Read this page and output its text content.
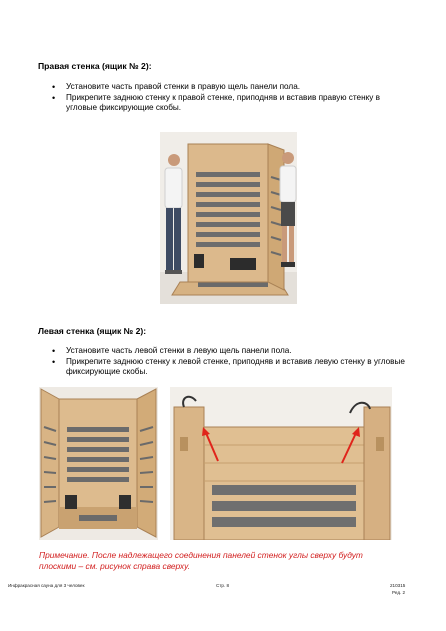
Правая стенка (ящик № 2):
• Установите часть правой стенки в правую щель панели пола.
• Прикрепите заднюю стенку к правой стенке, приподняв и вставив правую стенку в угловые фиксирующие скобы.
Левая стенка (ящик № 2):
• Установите часть левой стенки в левую щель панели пола.
• Прикрепите заднюю стенку к левой стенке, приподняв и вставив левую стенку в угловые фиксирующие скобы.
Примечание. После надлежащего соединения панелей стенок углы сверху будут плоскими – см. рисунок справа сверху.
Инфракрасная сауна для 3 человек	Стр. 8	210315
Ред. 2
